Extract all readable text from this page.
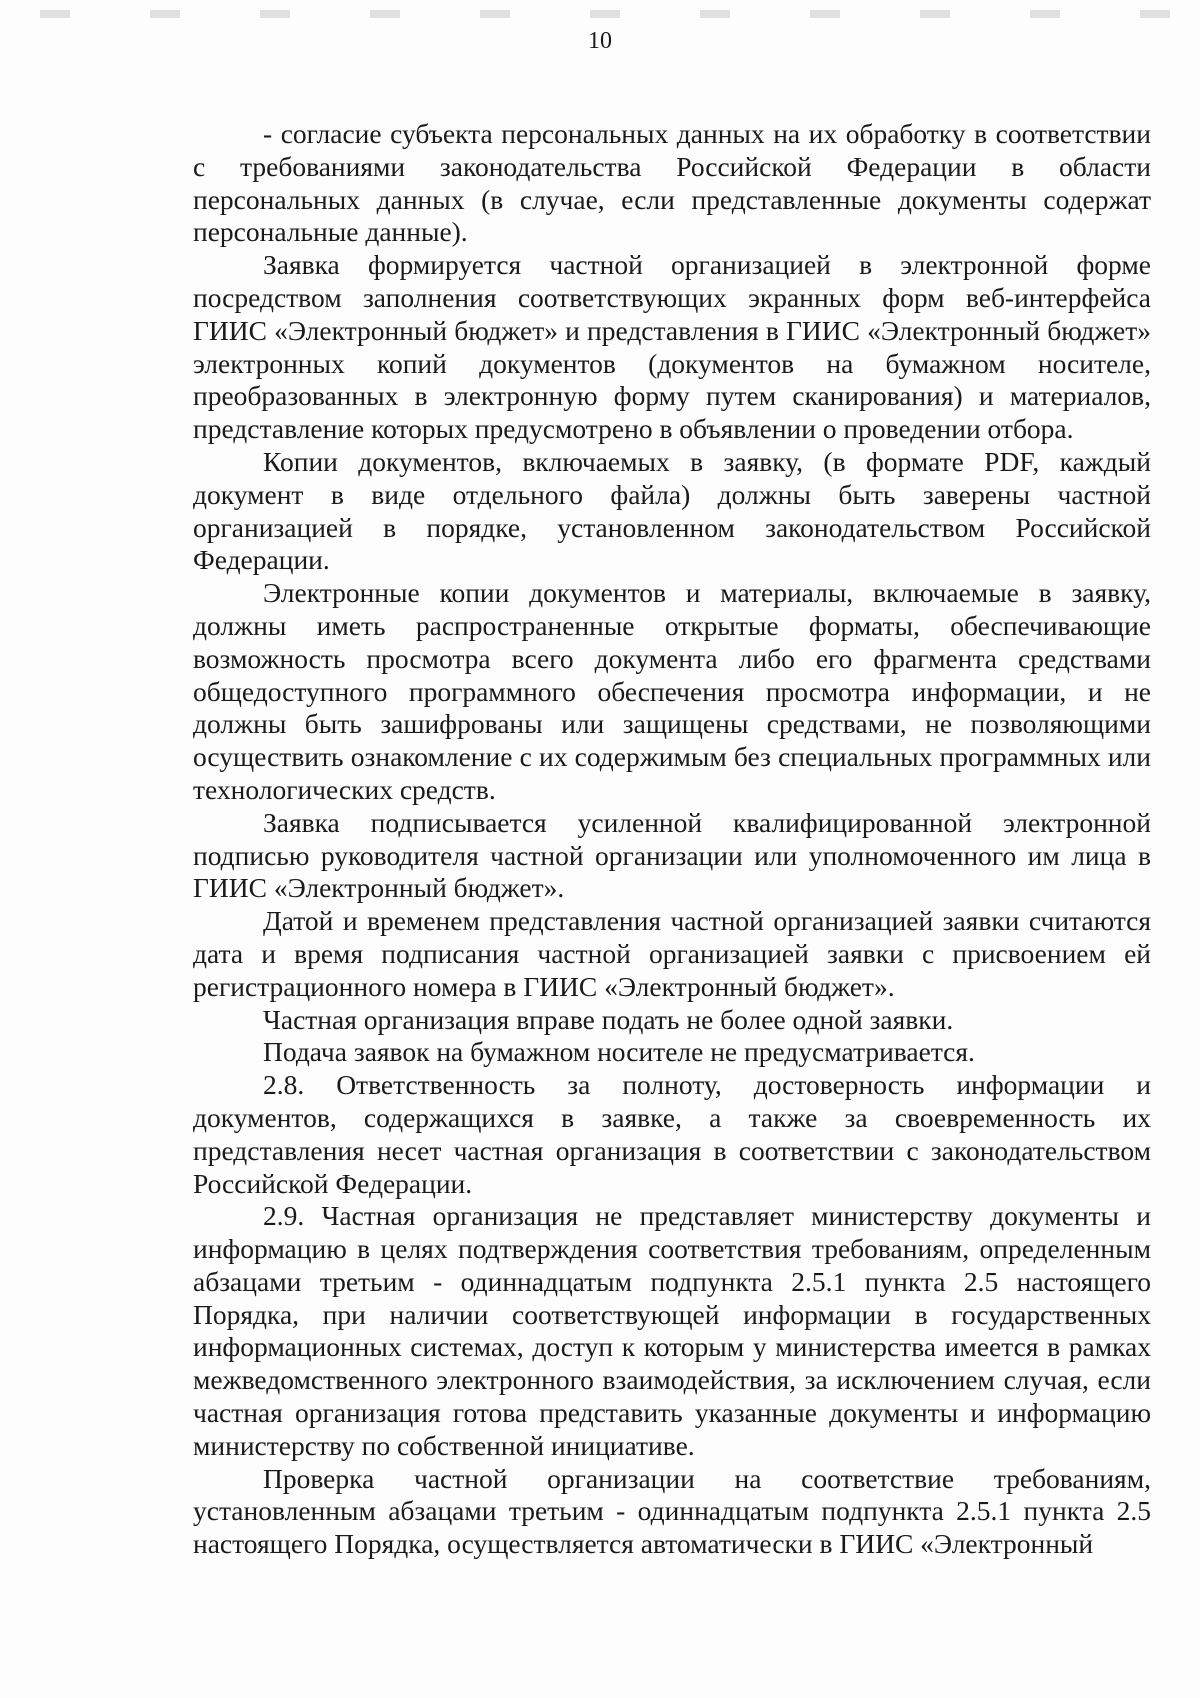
10

- согласие субъекта персональных данных на их обработку в соответствии с требованиями законодательства Российской Федерации в области персональных данных (в случае, если представленные документы содержат персональные данные).

Заявка формируется частной организацией в электронной форме посредством заполнения соответствующих экранных форм веб-интерфейса ГИИС «Электронный бюджет» и представления в ГИИС «Электронный бюджет» электронных копий документов (документов на бумажном носителе, преобразованных в электронную форму путем сканирования) и материалов, представление которых предусмотрено в объявлении о проведении отбора.

Копии документов, включаемых в заявку, (в формате PDF, каждый документ в виде отдельного файла) должны быть заверены частной организацией в порядке, установленном законодательством Российской Федерации.

Электронные копии документов и материалы, включаемые в заявку, должны иметь распространенные открытые форматы, обеспечивающие возможность просмотра всего документа либо его фрагмента средствами общедоступного программного обеспечения просмотра информации, и не должны быть зашифрованы или защищены средствами, не позволяющими осуществить ознакомление с их содержимым без специальных программных или технологических средств.

Заявка подписывается усиленной квалифицированной электронной подписью руководителя частной организации или уполномоченного им лица в ГИИС «Электронный бюджет».

Датой и временем представления частной организацией заявки считаются дата и время подписания частной организацией заявки с присвоением ей регистрационного номера в ГИИС «Электронный бюджет».

Частная организация вправе подать не более одной заявки.

Подача заявок на бумажном носителе не предусматривается.

2.8. Ответственность за полноту, достоверность информации и документов, содержащихся в заявке, а также за своевременность их представления несет частная организация в соответствии с законодательством Российской Федерации.

2.9. Частная организация не представляет министерству документы и информацию в целях подтверждения соответствия требованиям, определенным абзацами третьим - одиннадцатым подпункта 2.5.1 пункта 2.5 настоящего Порядка, при наличии соответствующей информации в государственных информационных системах, доступ к которым у министерства имеется в рамках межведомственного электронного взаимодействия, за исключением случая, если частная организация готова представить указанные документы и информацию министерству по собственной инициативе.

Проверка частной организации на соответствие требованиям, установленным абзацами третьим - одиннадцатым подпункта 2.5.1 пункта 2.5 настоящего Порядка, осуществляется автоматически в ГИИС «Электронный
